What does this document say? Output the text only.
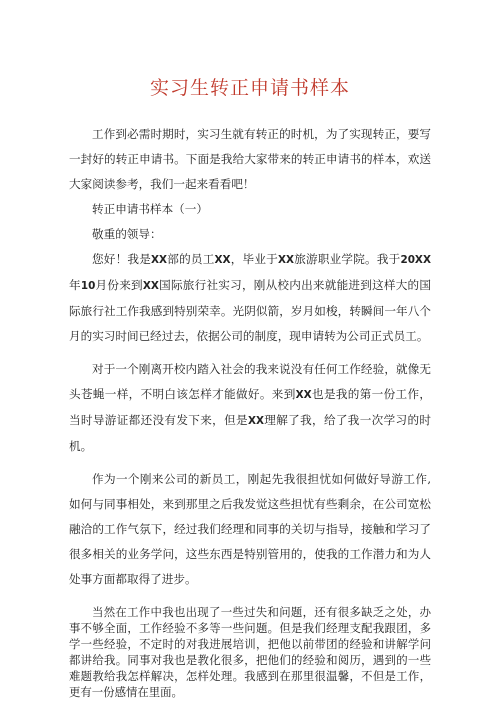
实习生转正申请书样本

工作到必需时期时，实习生就有转正的时机，为了实现转正，要写一封好的转正申请书。下面是我给大家带来的转正申请书的样本，欢送大家阅读参考，我们一起来看看吧！

转正申请书样本（一）

敬重的领导：

您好！我是XX部的员工XX，毕业于XX旅游职业学院。我于20XX年10月份来到XX国际旅行社实习，刚从校内出来就能进到这样大的国际旅行社工作我感到特别荣幸。光阴似箭，岁月如梭，转瞬间一年八个月的实习时间已经过去，依据公司的制度，现申请转为公司正式员工。

对于一个刚离开校内踏入社会的我来说没有任何工作经验，就像无头苍蝇一样，不明白该怎样才能做好。来到XX也是我的第一份工作，当时导游证都还没有发下来，但是XX理解了我，给了我一次学习的时机。

作为一个刚来公司的新员工，刚起先我很担忧如何做好导游工作,如何与同事相处，来到那里之后我发觉这些担忧有些剩余，在公司宽松融洽的工作气氛下，经过我们经理和同事的关切与指导，接触和学习了很多相关的业务学问，这些东西是特别管用的，使我的工作潜力和为人处事方面都取得了进步。

当然在工作中我也出现了一些过失和问题，还有很多缺乏之处，办事不够全面，工作经验不多等一些问题。但是我们经理支配我跟团，多学一些经验，不定时的对我进展培训，把他以前带团的经验和讲解学问都讲给我。同事对我也是教化很多，把他们的经验和阅历，遇到的一些难题教给我怎样解决，怎样处理。我感到在那里很温馨，不但是工作，更有一份感情在里面。
